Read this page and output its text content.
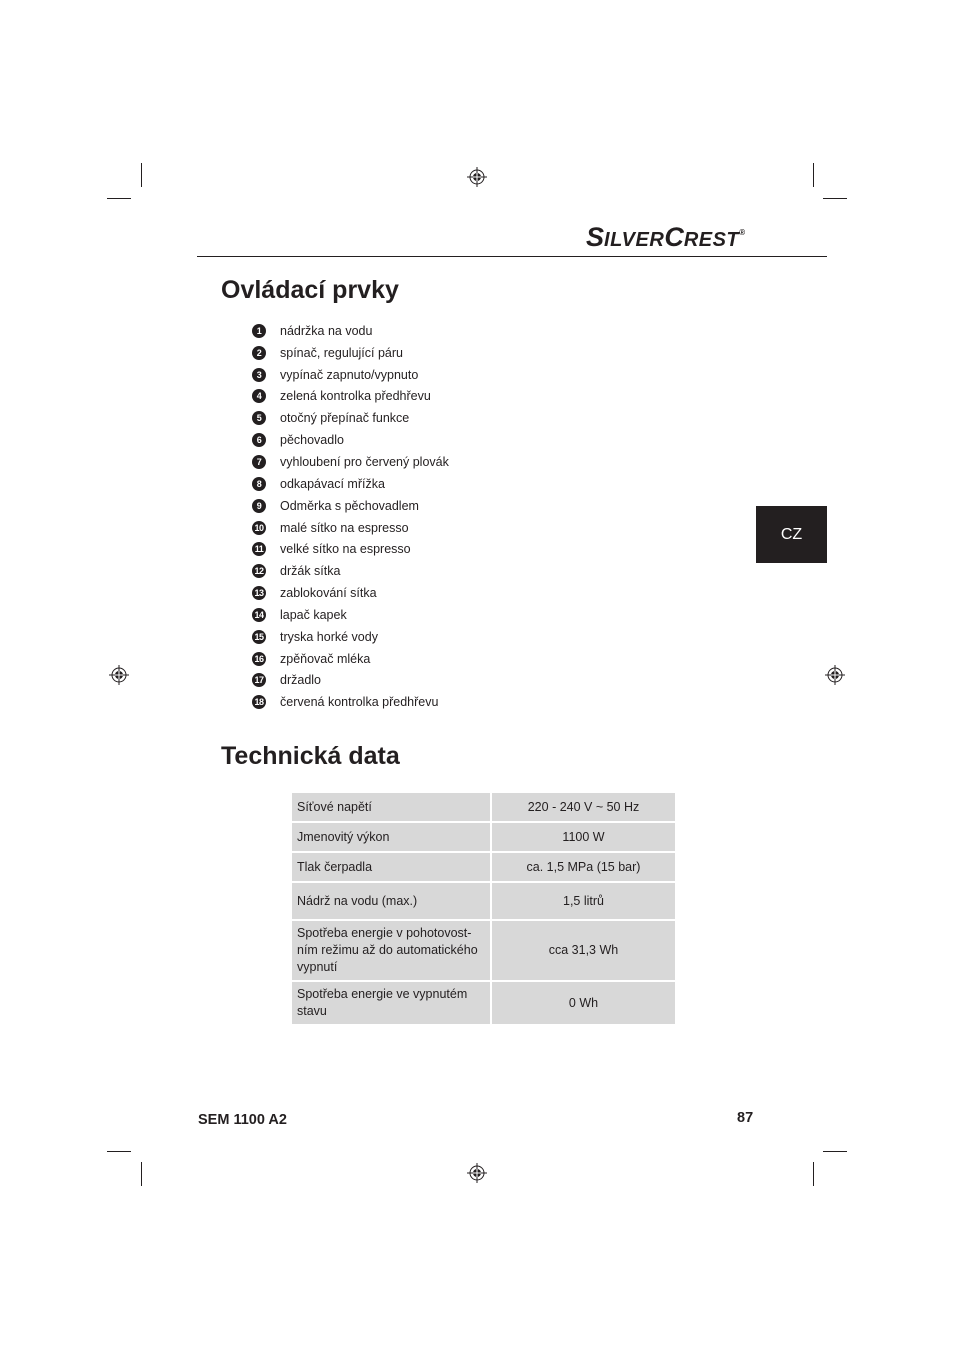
SILVERCREST®
Ovládací prvky
1	nádržka na vodu
2	spínač, regulující páru
3	vypínač zapnuto/vypnuto
4	zelená kontrolka předhřevu
5	otočný přepínač funkce
6	pěchovadlo
7	vyhloubení pro červený plovák
8	odkapávací mřížka
9	Odměrka s pěchovadlem
10 malé sítko na espresso
11 velké sítko na espresso
12 držák sítka
13 zablokování sítka
14 lapač kapek
15 tryska horké vody
16 zpěňovač mléka
17 držadlo
18 červená kontrolka předhřevu
CZ
Technická data
Síťové napětí	220 - 240 V ~ 50 Hz
Jmenovitý výkon	1100 W
Tlak čerpadla	ca. 1,5 MPa (15 bar)
Nádrž na vodu (max.)	1,5 litrů
Spotřeba energie v pohotovost-ním režimu až do automatického vypnutí	cca 31,3 Wh
Spotřeba energie ve vypnutém stavu	0 Wh
SEM 1100 A2	87
